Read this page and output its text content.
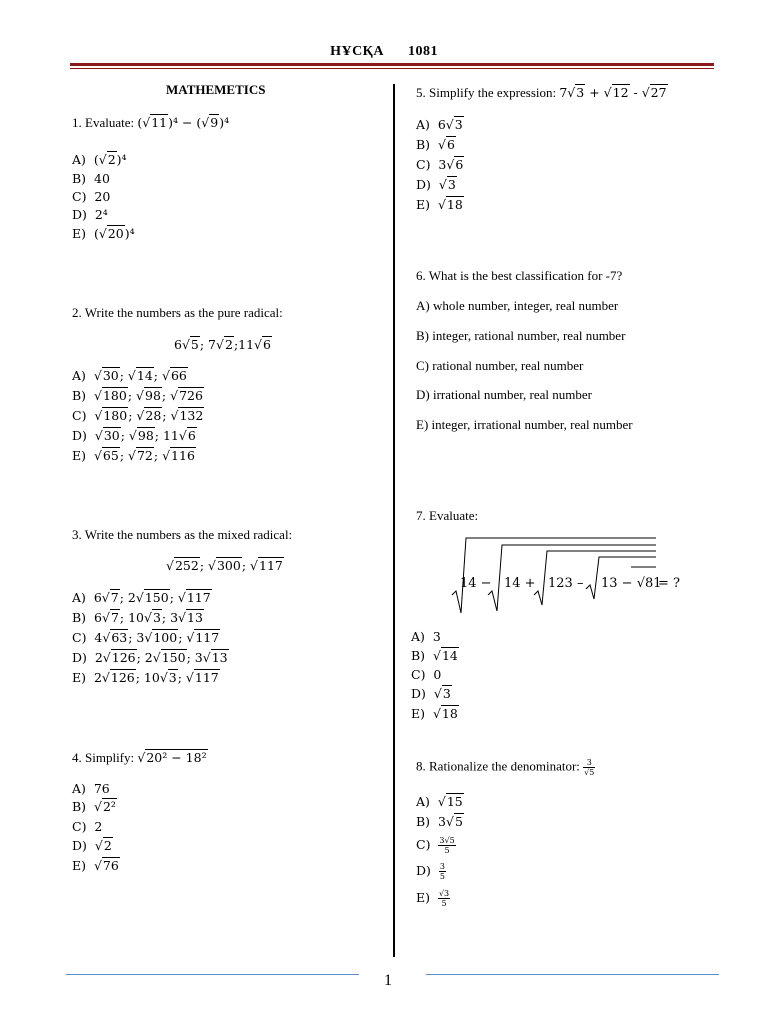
НҰСҚА 1081
MATHEMETICS
1. Evaluate: (√11)⁴ − (√9)⁴
A)  (√2)⁴
B)  40
C)  20
D)  2⁴
E)  (√20)⁴
2. Write the numbers as the pure radical:
6√5; 7√2;11√6
A)  √30; √14; √66
B)  √180; √98; √726
C)  √180; √28; √132
D)  √30; √98; 11√6
E)  √65; √72; √116
3. Write the numbers as the mixed radical:
√252; √300; √117
A)  6√7; 2√150; √117
B)  6√7; 10√3; 3√13
C)  4√63; 3√100; √117
D)  2√126; 2√150; 3√13
E)  2√126; 10√3; √117
4. Simplify: √20² − 18²
A)  76
B)  √2²
C)  2
D)  √2
E)  √76
5. Simplify the expression: 7√3 + √12 - √27
A)  6√3
B)  √6
C)  3√6
D)  √3
E)  √18
6. What is the best classification for -7?
A) whole number, integer, real number
B) integer, rational number, real number
C) rational number, real number
D) irrational number, real number
E) integer, irrational number, real number
7. Evaluate:
14 − 14 + 123 – 13 − √81
= ?
A)  3
B)  √14
C)  0
D)  √3
E)  √18
8. Rationalize the denominator: $\frac{3}{√5}$
A)  √15
B)  3√5
$C) \frac{3√5}{5}$
$D) \frac{3}{5}$
$E) \frac{√3}{5}$
1
